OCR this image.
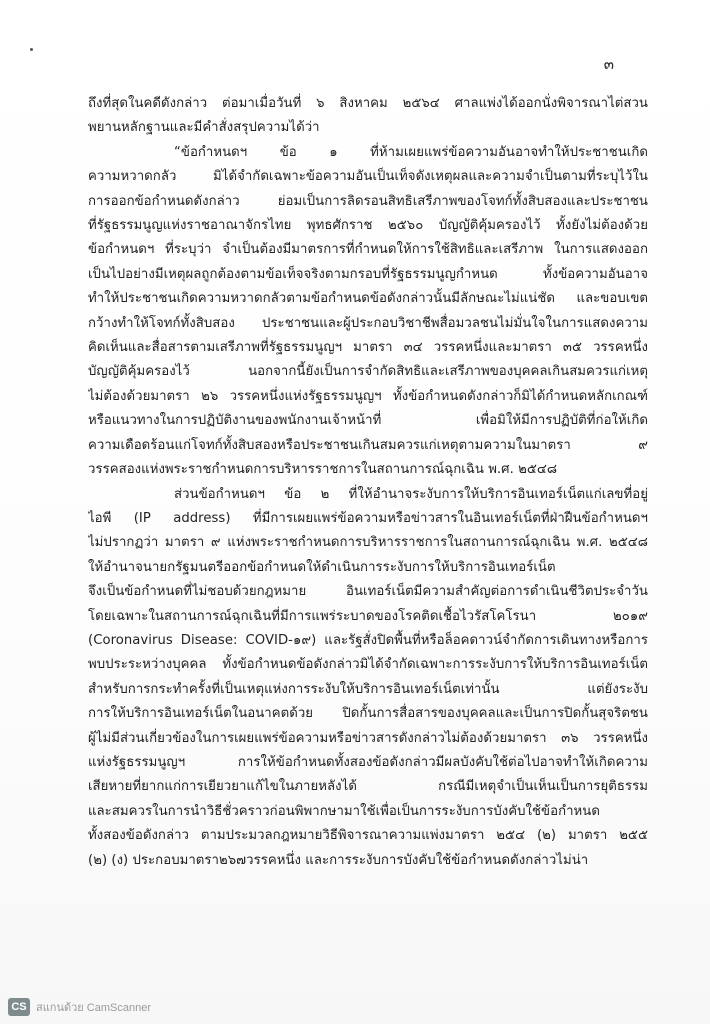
๓
ถึงที่สุดในคดีดังกล่าว ต่อมาเมื่อวันที่ ๖ สิงหาคม ๒๕๖๔ ศาลแพ่งได้ออกนั่งพิจารณาไต่สวน
พยานหลักฐานและมีคำสั่งสรุปความได้ว่า
“ข้อกำหนดฯ ข้อ ๑ ที่ห้ามเผยแพร่ข้อความอันอาจทำให้ประชาชนเกิด
ความหวาดกลัว มิได้จำกัดเฉพาะข้อความอันเป็นเท็จดังเหตุผลและความจำเป็นตามที่ระบุไว้ใน
การออกข้อกำหนดดังกล่าว ย่อมเป็นการลิดรอนสิทธิเสรีภาพของโจทก์ทั้งสิบสองและประชาชน
ที่รัฐธรรมนูญแห่งราชอาณาจักรไทย พุทธศักราช ๒๕๖๐ บัญญัติคุ้มครองไว้ ทั้งยังไม่ต้องด้วย
ข้อกำหนดฯ ที่ระบุว่า จำเป็นต้องมีมาตรการที่กำหนดให้การใช้สิทธิและเสรีภาพ ในการแสดงออก
เป็นไปอย่างมีเหตุผลถูกต้องตามข้อเท็จจริงตามกรอบที่รัฐธรรมนูญกำหนด ทั้งข้อความอันอาจ
ทำให้ประชาชนเกิดความหวาดกลัวตามข้อกำหนดข้อดังกล่าวนั้นมีลักษณะไม่แน่ชัด และขอบเขต
กว้างทำให้โจทก์ทั้งสิบสอง ประชาชนและผู้ประกอบวิชาชีพสื่อมวลชนไม่มั่นใจในการแสดงความ
คิดเห็นและสื่อสารตามเสรีภาพที่รัฐธรรมนูญฯ มาตรา ๓๔ วรรคหนึ่งและมาตรา ๓๕ วรรคหนึ่ง
บัญญัติคุ้มครองไว้ นอกจากนี้ยังเป็นการจำกัดสิทธิและเสรีภาพของบุคคลเกินสมควรแก่เหตุ
ไม่ต้องด้วยมาตรา ๒๖ วรรคหนึ่งแห่งรัฐธรรมนูญฯ ทั้งข้อกำหนดดังกล่าวก็มิได้กำหนดหลักเกณฑ์
หรือแนวทางในการปฏิบัติงานของพนักงานเจ้าหน้าที่ เพื่อมิให้มีการปฏิบัติที่ก่อให้เกิด
ความเดือดร้อนแก่โจทก์ทั้งสิบสองหรือประชาชนเกินสมควรแก่เหตุตามความในมาตรา ๙
วรรคสองแห่งพระราชกำหนดการบริหารราชการในสถานการณ์ฉุกเฉิน พ.ศ. ๒๕๔๘
ส่วนข้อกำหนดฯ ข้อ ๒ ที่ให้อำนาจระงับการให้บริการอินเทอร์เน็ตแก่เลขที่อยู่
ไอพี (IP address) ที่มีการเผยแพร่ข้อความหรือข่าวสารในอินเทอร์เน็ตที่ฝ่าฝืนข้อกำหนดฯ
ไม่ปรากฏว่า มาตรา ๙ แห่งพระราชกำหนดการบริหารราชการในสถานการณ์ฉุกเฉิน พ.ศ. ๒๕๔๘
ให้อำนาจนายกรัฐมนตรีออกข้อกำหนดให้ดำเนินการระงับการให้บริการอินเทอร์เน็ต
จึงเป็นข้อกำหนดที่ไม่ชอบด้วยกฎหมาย อินเทอร์เน็ตมีความสำคัญต่อการดำเนินชีวิตประจำวัน
โดยเฉพาะในสถานการณ์ฉุกเฉินที่มีการแพร่ระบาดของโรคติดเชื้อไวรัสโคโรนา ๒๐๑๙
(Coronavirus Disease: COVID-๑๙) และรัฐสั่งปิดพื้นที่หรือล็อคดาวน์จำกัดการเดินทางหรือการ
พบประระหว่างบุคคล ทั้งข้อกำหนดข้อดังกล่าวมิได้จำกัดเฉพาะการระงับการให้บริการอินเทอร์เน็ต
สำหรับการกระทำครั้งที่เป็นเหตุแห่งการระงับให้บริการอินเทอร์เน็ตเท่านั้น แต่ยังระงับ
การให้บริการอินเทอร์เน็ตในอนาคตด้วย ปิดกั้นการสื่อสารของบุคคลและเป็นการปิดกั้นสุจริตชน
ผู้ไม่มีส่วนเกี่ยวข้องในการเผยแพร่ข้อความหรือข่าวสารดังกล่าวไม่ต้องด้วยมาตรา ๓๖ วรรคหนึ่ง
แห่งรัฐธรรมนูญฯ การให้ข้อกำหนดทั้งสองข้อดังกล่าวมีผลบังคับใช้ต่อไปอาจทำให้เกิดความ
เสียหายที่ยากแก่การเยียวยาแก้ไขในภายหลังได้ กรณีมีเหตุจำเป็นเห็นเป็นการยุติธรรม
และสมควรในการนำวิธีชั่วคราวก่อนพิพากษามาใช้เพื่อเป็นการระงับการบังคับใช้ข้อกำหนด
ทั้งสองข้อดังกล่าว ตามประมวลกฎหมายวิธีพิจารณาความแพ่งมาตรา ๒๕๔ (๒) มาตรา ๒๕๕
(๒) (ง) ประกอบมาตรา๒๖๗วรรคหนึ่ง และการระงับการบังคับใช้ข้อกำหนดดังกล่าวไม่น่า
CS สแกนด้วย CamScanner
